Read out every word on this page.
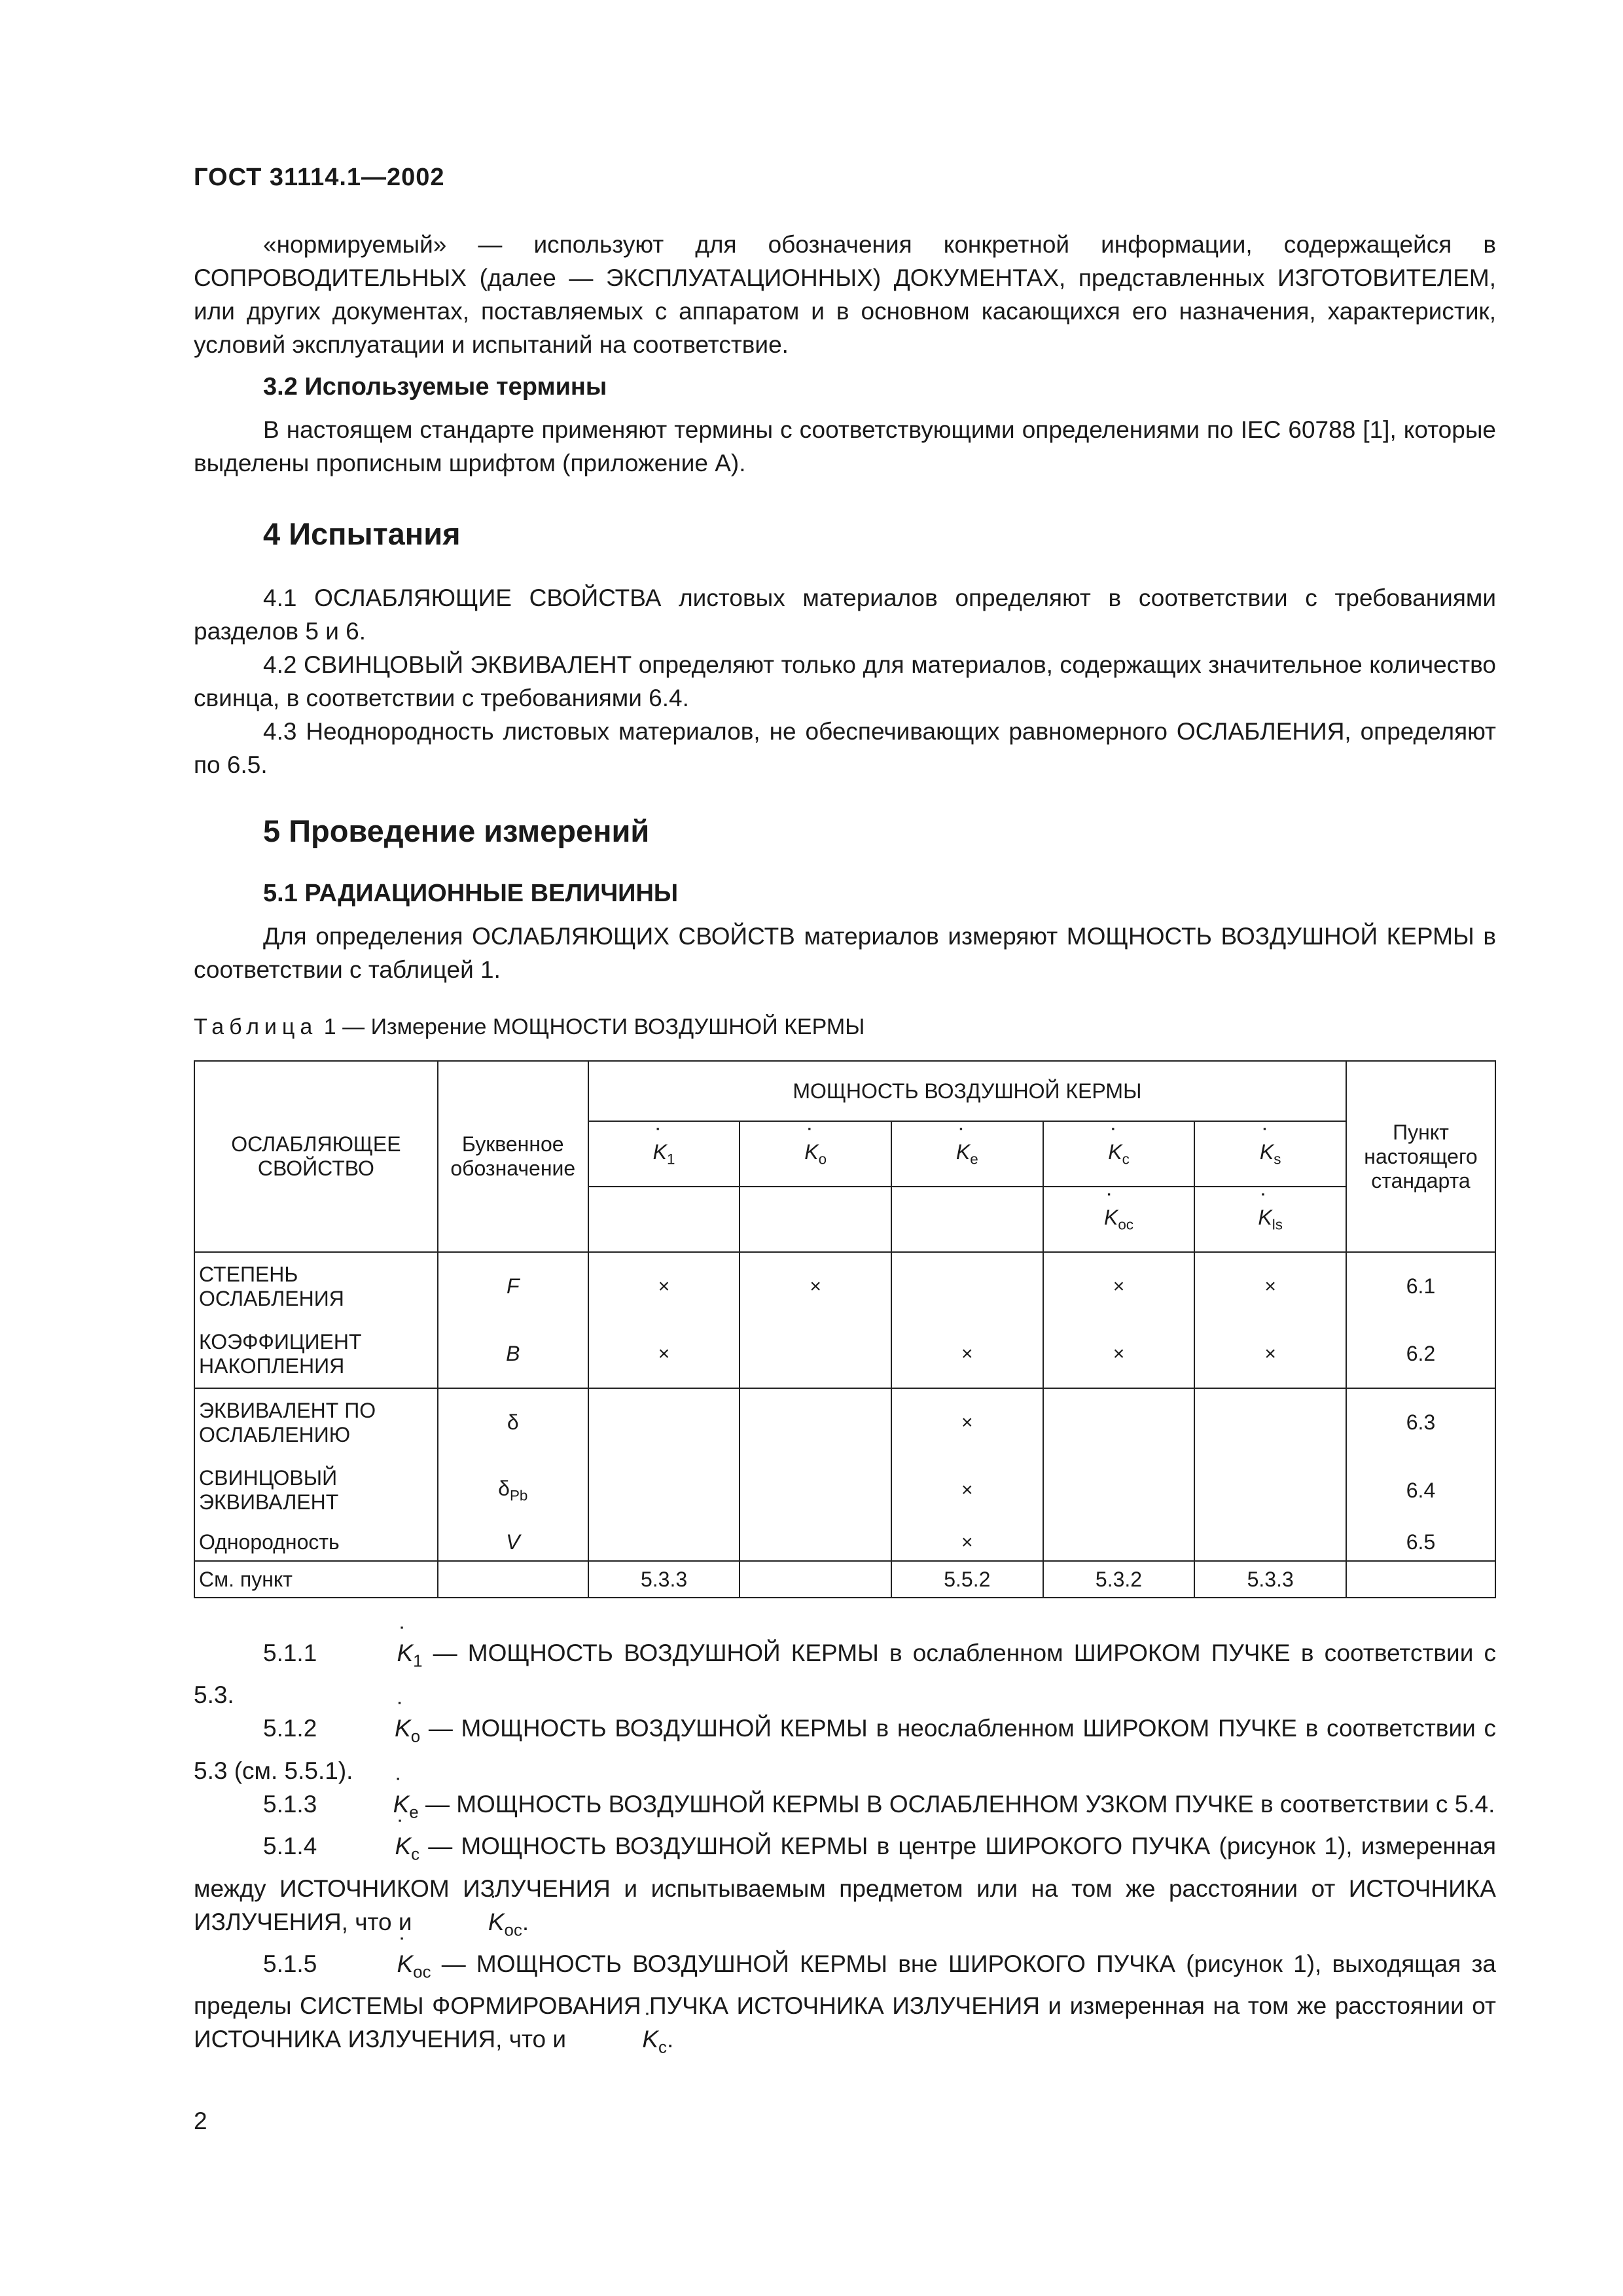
ГОСТ 31114.1—2002

«нормируемый» — используют для обозначения конкретной информации, содержащейся в СОПРОВОДИТЕЛЬНЫХ (далее — ЭКСПЛУАТАЦИОННЫХ) ДОКУМЕНТАХ, представленных ИЗГОТОВИТЕЛЕМ, или других документах, поставляемых с аппаратом и в основном касающихся его назначения, характеристик, условий эксплуатации и испытаний на соответствие.

3.2 Используемые термины

В настоящем стандарте применяют термины с соответствующими определениями по IEC 60788 [1], которые выделены прописным шрифтом (приложение А).

4 Испытания

4.1 ОСЛАБЛЯЮЩИЕ СВОЙСТВА листовых материалов определяют в соответствии с требованиями разделов 5 и 6.

4.2 СВИНЦОВЫЙ ЭКВИВАЛЕНТ определяют только для материалов, содержащих значительное количество свинца, в соответствии с требованиями 6.4.

4.3 Неоднородность листовых материалов, не обеспечивающих равномерного ОСЛАБЛЕНИЯ, определяют по 6.5.

5 Проведение измерений
5.1 РАДИАЦИОННЫЕ ВЕЛИЧИНЫ

Для определения ОСЛАБЛЯЮЩИХ СВОЙСТВ материалов измеряют МОЩНОСТЬ ВОЗДУШНОЙ КЕРМЫ в соответствии с таблицей 1.

Таблица 1 — Измерение МОЩНОСТИ ВОЗДУШНОЙ КЕРМЫ
ОСЛАБЛЯЮЩЕЕ СВОЙСТВО	Буквенное обозначение	МОЩНОСТЬ ВОЗДУШНОЙ КЕРМЫ					Пункт настоящего стандарта
		˙ $K_1$	˙ $K_o$	˙ $K_e$	˙ $K_c$	˙ $K_s$
					˙ $K_{oc}$	˙ $K_{ls}$
СТЕПЕНЬ ОСЛАБЛЕНИЯ	F	×	×		×	×	6.1
КОЭФФИЦИЕНТ НАКОПЛЕНИЯ	B	×		×	×	×	6.2
ЭКВИВАЛЕНТ ПО ОСЛАБЛЕНИЮ	δ			×			6.3
СВИНЦОВЫЙ ЭКВИВАЛЕНТ	$\delta_{Pb}$			×			6.4
Однородность	V			×			6.5
См. пункт		5.3.3		5.5.2	5.3.2	5.3.3	

5.1.1	˙ $K_1$ — МОЩНОСТЬ ВОЗДУШНОЙ КЕРМЫ в ослабленном ШИРОКОМ ПУЧКЕ в соответствии с 5.3.

5.1.2	˙ $K_o$ — МОЩНОСТЬ ВОЗДУШНОЙ КЕРМЫ в неослабленном ШИРОКОМ ПУЧКЕ в соответствии с 5.3 (см. 5.5.1).

5.1.3	˙ $K_e$ — МОЩНОСТЬ ВОЗДУШНОЙ КЕРМЫ В ОСЛАБЛЕННОМ УЗКОМ ПУЧКЕ в соответствии с 5.4.

5.1.4	˙ $K_c$ — МОЩНОСТЬ ВОЗДУШНОЙ КЕРМЫ в центре ШИРОКОГО ПУЧКА (рисунок 1), измеренная между ИСТОЧНИКОМ ИЗЛУЧЕНИЯ и испытываемым предметом или на том же расстоянии от ИСТОЧНИКА ИЗЛУЧЕНИЯ, что и	˙ $K_{oc}$.

5.1.5	˙ $K_{oc}$ — МОЩНОСТЬ ВОЗДУШНОЙ КЕРМЫ вне ШИРОКОГО ПУЧКА (рисунок 1), выходящая за пределы СИСТЕМЫ ФОРМИРОВАНИЯ ПУЧКА ИСТОЧНИКА ИЗЛУЧЕНИЯ и измеренная на том же расстоянии от ИСТОЧНИКА ИЗЛУЧЕНИЯ, что и	˙ $K_c$.

2
